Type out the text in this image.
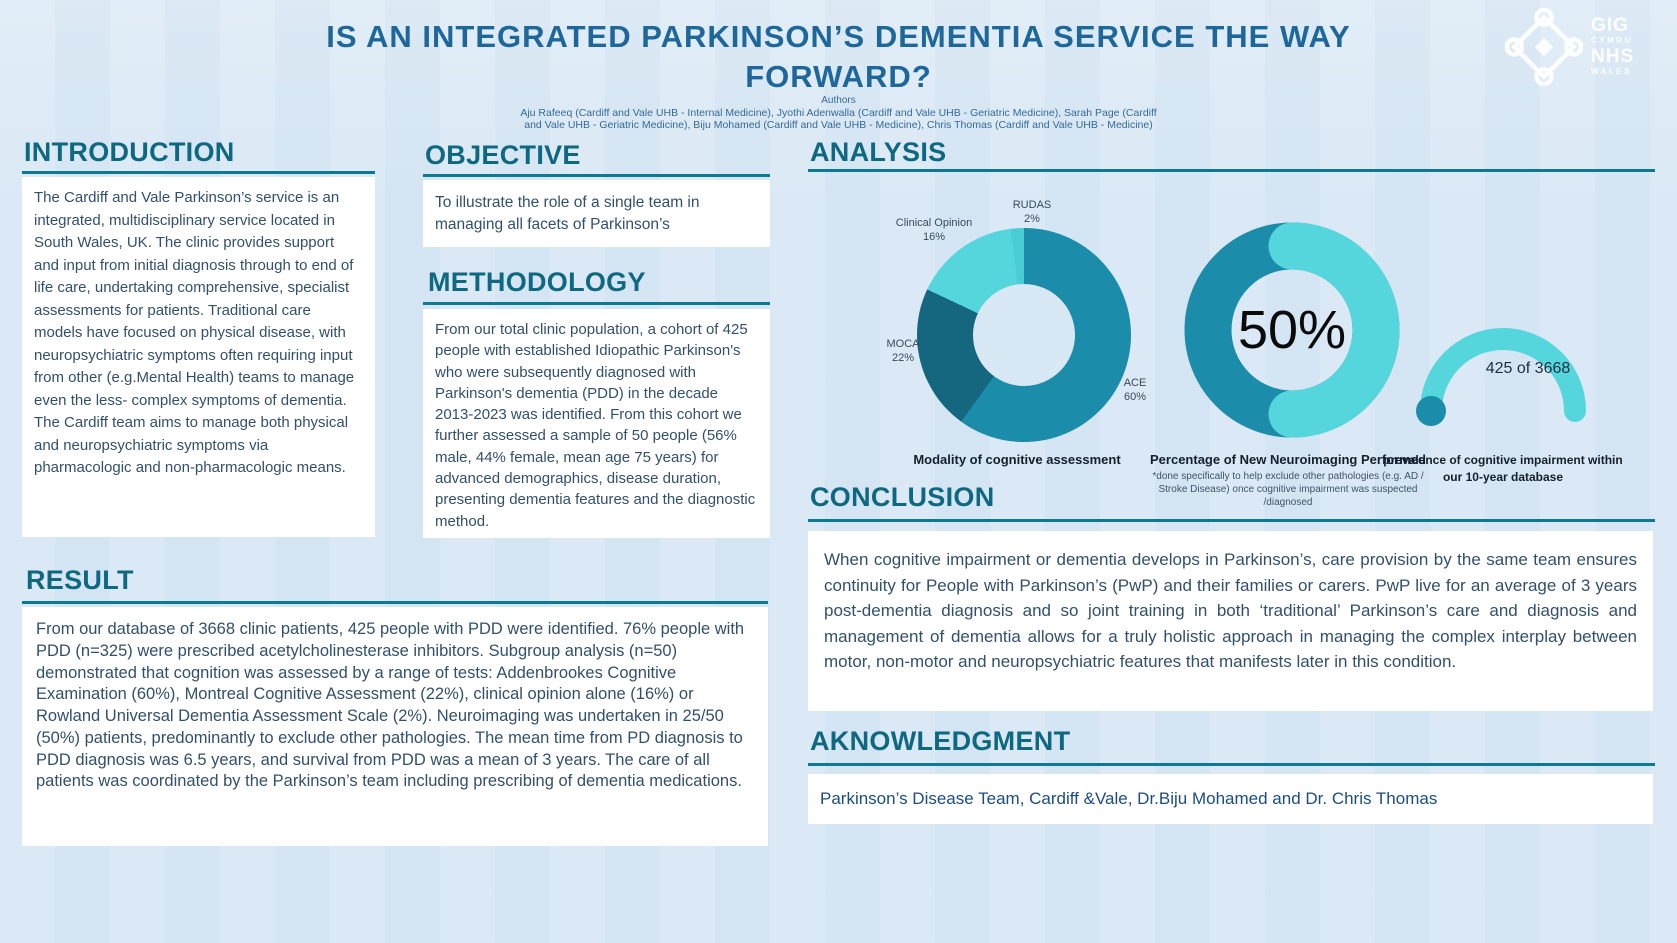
IS AN INTEGRATED PARKINSON’S DEMENTIA SERVICE THE WAY
FORWARD?
Authors
Aju Rafeeq (Cardiff and Vale UHB - Internal Medicine), Jyothi Adenwalla (Cardiff and Vale UHB - Geriatric Medicine), Sarah Page (Cardiff
and Vale UHB - Geriatric Medicine), Biju Mohamed (Cardiff and Vale UHB - Medicine), Chris Thomas (Cardiff and Vale UHB - Medicine)
GIG
CYMRU
NHS
WALES
INTRODUCTION
The Cardiff and Vale Parkinson’s service is an integrated, multidisciplinary service located in South Wales, UK. The clinic provides support and input from initial diagnosis through to end of life care, undertaking comprehensive, specialist assessments for patients. Traditional care models have focused on physical disease, with neuropsychiatric symptoms often requiring input from other (e.g.Mental Health) teams to manage even the less- complex symptoms of dementia. The Cardiff team aims to manage both physical and neuropsychiatric symptoms via pharmacologic and non-pharmacologic means.
OBJECTIVE
To illustrate the role of a single team in managing all facets of Parkinson’s
METHODOLOGY
From our total clinic population, a cohort of 425 people with established Idiopathic Parkinson's who were subsequently diagnosed with Parkinson's dementia (PDD) in the decade 2013-2023 was identified. From this cohort we further assessed a sample of 50 people (56% male, 44% female, mean age 75 years) for advanced demographics, disease duration, presenting dementia features and the diagnostic method.
RESULT
From our database of 3668 clinic patients, 425 people with PDD were identified. 76% people with PDD (n=325) were prescribed acetylcholinesterase inhibitors. Subgroup analysis (n=50) demonstrated that cognition was assessed by a range of tests: Addenbrookes Cognitive Examination (60%), Montreal Cognitive Assessment (22%), clinical opinion alone (16%) or Rowland Universal Dementia Assessment Scale (2%). Neuroimaging was undertaken in 25/50 (50%) patients, predominantly to exclude other pathologies. The mean time from PD diagnosis to PDD diagnosis was 6.5 years, and survival from PDD was a mean of 3 years. The care of all patients was coordinated by the Parkinson’s team including prescribing of dementia medications.
ANALYSIS
RUDAS
2%
Clinical Opinion
16%
MOCA
22%
ACE
60%
Modality of cognitive assessment
50%
Percentage of New Neuroimaging Performed
*done specifically to help exclude other pathologies (e.g. AD / Stroke Disease) once cognitive impairment was suspected /diagnosed
425 of 3668
prevalence of cognitive impairment within our 10-year database
CONCLUSION
When cognitive impairment or dementia develops in Parkinson’s, care provision by the same team ensures continuity for People with Parkinson’s (PwP) and their families or carers. PwP live for an average of 3 years post-dementia diagnosis and so joint training in both ‘traditional’ Parkinson’s care and diagnosis and management of dementia allows for a truly holistic approach in managing the complex interplay between motor, non-motor and neuropsychiatric features that manifests later in this condition.
AKNOWLEDGMENT
Parkinson’s Disease Team, Cardiff &Vale, Dr.Biju Mohamed and Dr. Chris Thomas
